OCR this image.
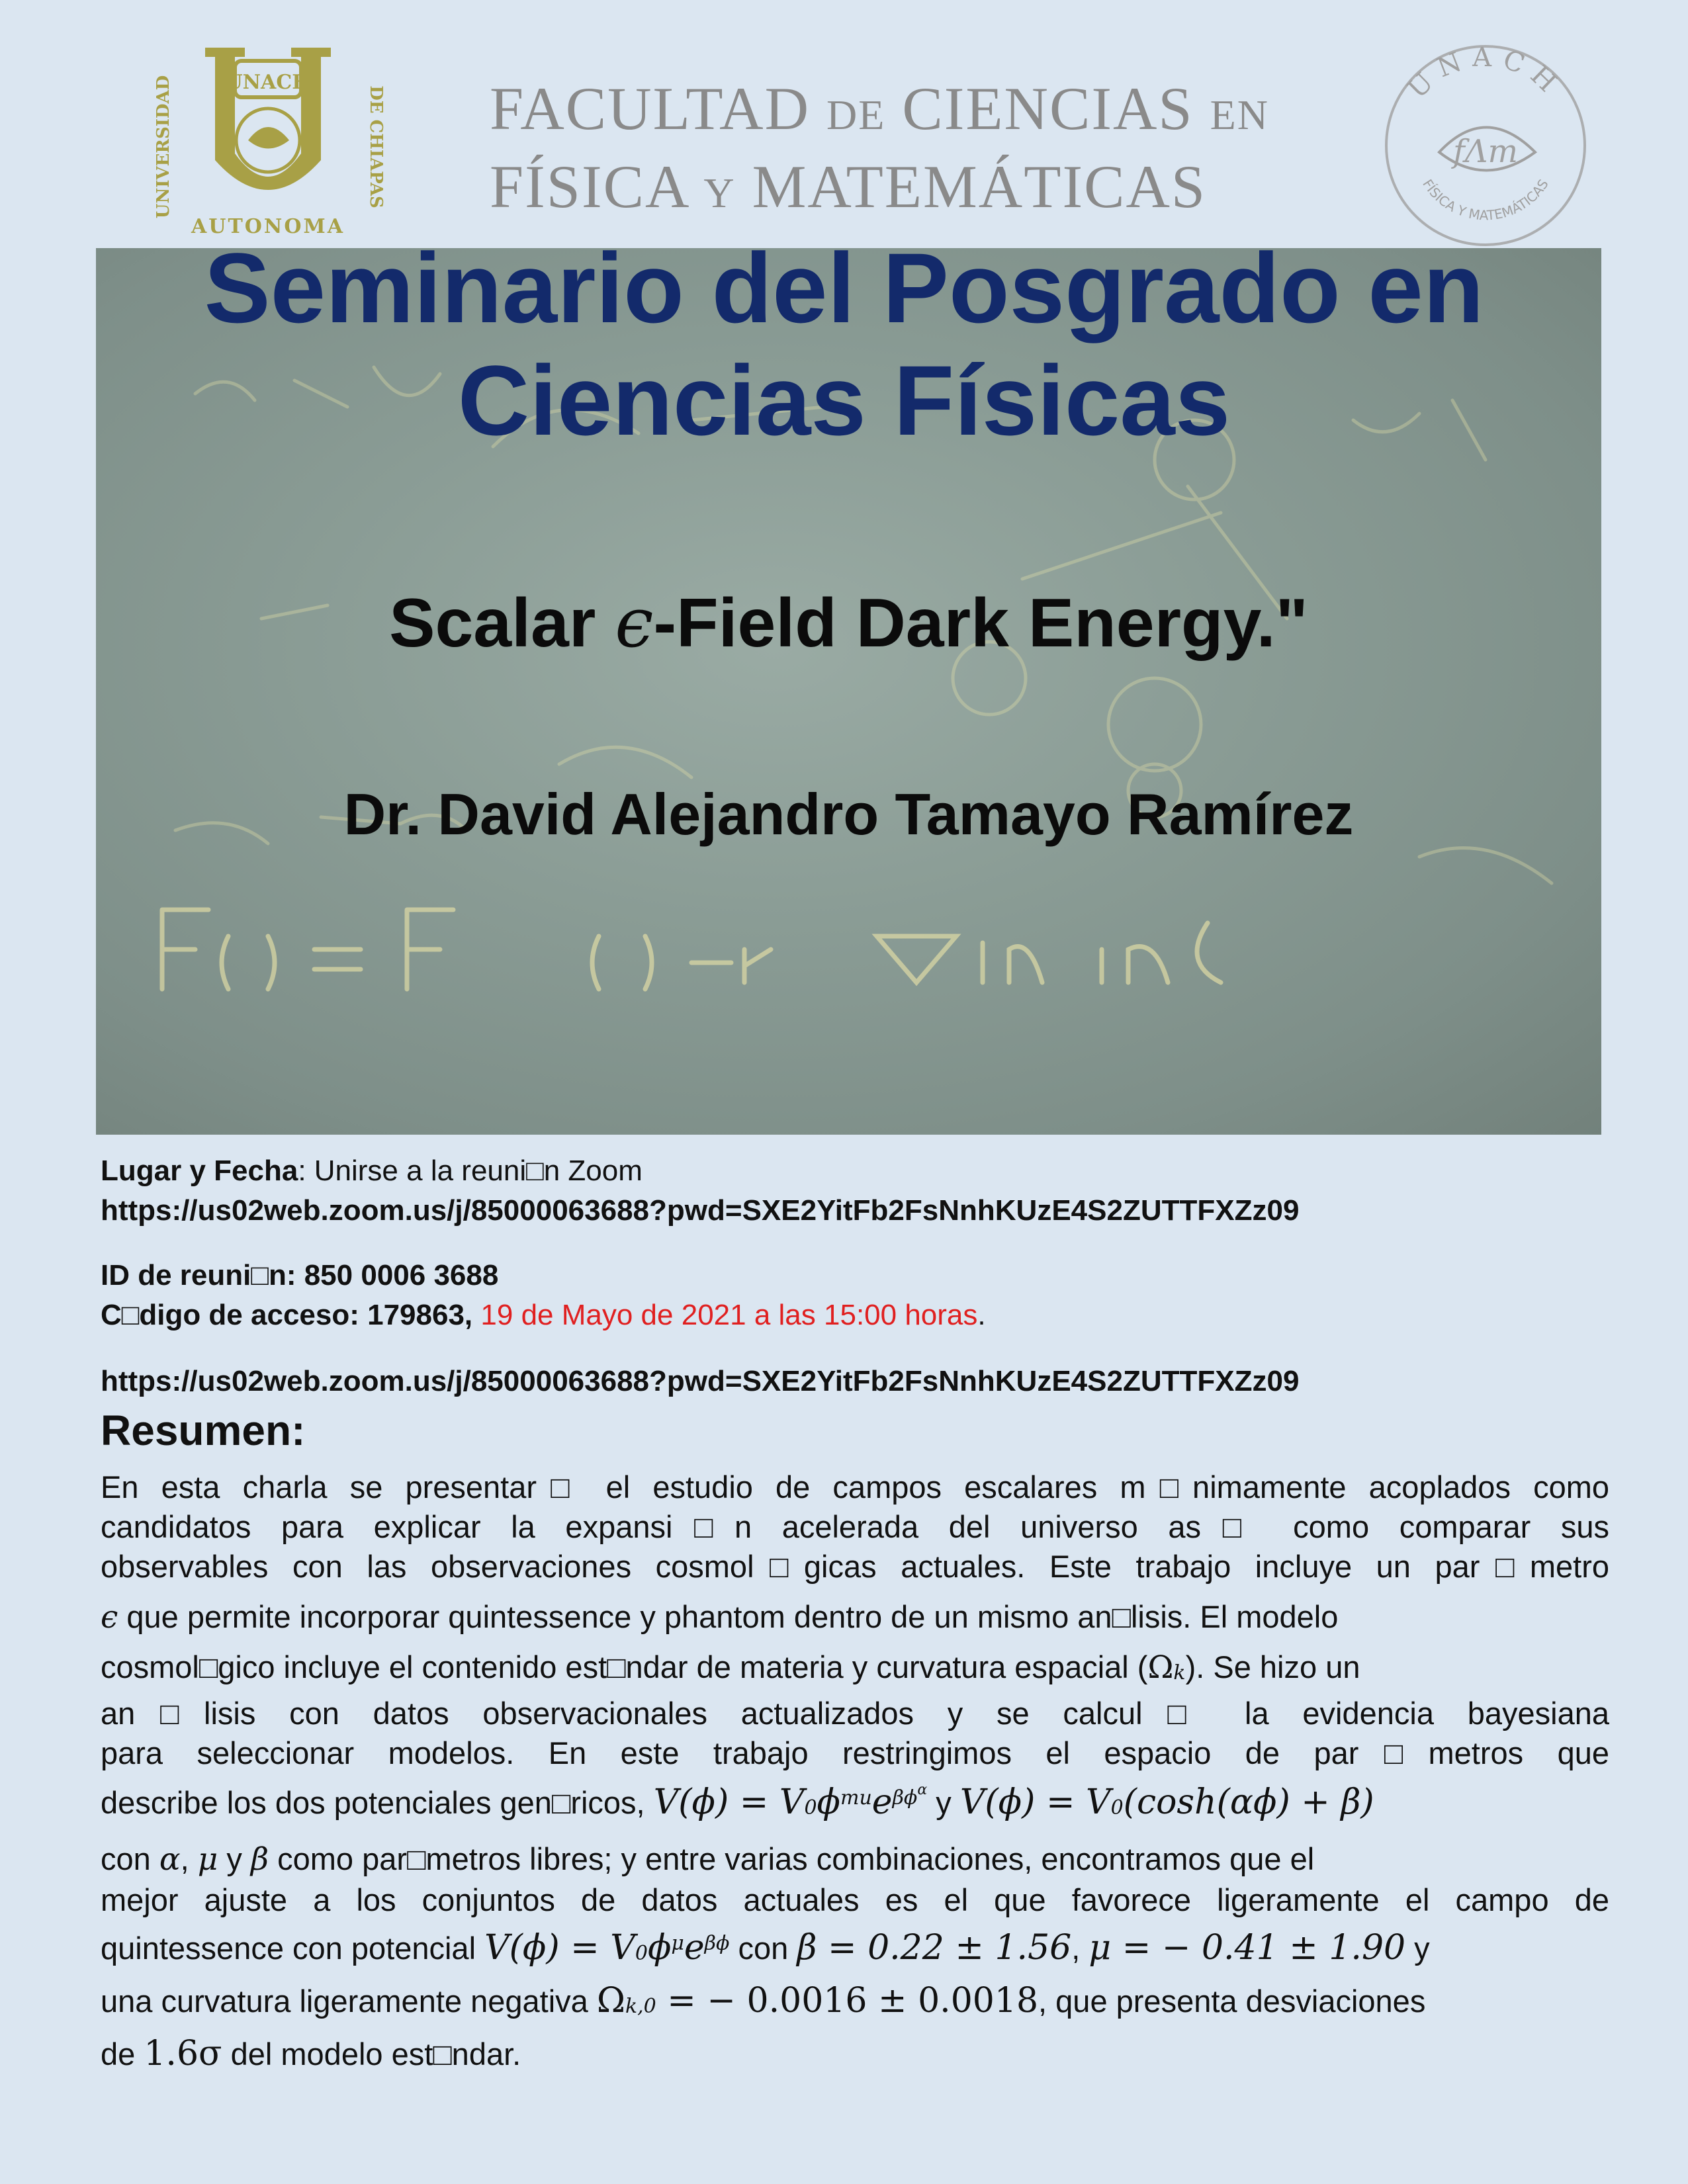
UNACH
UNIVERSIDAD	DE CHIAPAS
AUTONOMA
FACULTAD DE CIENCIAS EN
FÍSICA Y MATEMÁTICAS
UNACH
fΛm
FÍSICA Y MATEMÁTICAS
Seminario del Posgrado en
Ciencias Físicas
Scalar ϵ-Field Dark Energy."
Dr. David Alejandro Tamayo Ramírez
Lugar y Fecha: Unirse a la reuni□n Zoom
https://us02web.zoom.us/j/85000063688?pwd=SXE2YitFb2FsNnhKUzE4S2ZUTTFXZz09
ID de reuni□n: 850 0006 3688
C□digo de acceso: 179863, 19 de Mayo de 2021 a las 15:00 horas.
https://us02web.zoom.us/j/85000063688?pwd=SXE2YitFb2FsNnhKUzE4S2ZUTTFXZz09
Resumen:
En esta charla se presentar□ el estudio de campos escalares m□nimamente acoplados como
candidatos para explicar la expansi□n acelerada del universo as□ como comparar sus
observables con las observaciones cosmol□gicas actuales. Este trabajo incluye un par□metro
ϵ que permite incorporar quintessence y phantom dentro de un mismo an□lisis. El modelo
cosmol□gico incluye el contenido est□ndar de materia y curvatura espacial (Ωk). Se hizo un
an□lisis con datos observacionales actualizados y se calcul□ la evidencia bayesiana
para seleccionar modelos. En este trabajo restringimos el espacio de par□metros que
describe los dos potenciales gen□ricos, $V(\phi) = V0\phi^{mu}e^{\beta\phi\alpha}$ y V(ϕ) = V0(cosh(αϕ) + β)
con α, μ y β como par□metros libres; y entre varias combinaciones, encontramos que el
mejor ajuste a los conjuntos de datos actuales es el que favorece ligeramente el campo de
quintessence con potencial $V(\phi) = V0\phi^\mu e^{\beta\phi}$ con β = 0.22 ± 1.56, μ = − 0.41 ± 1.90 y
una curvatura ligeramente negativa Ωk,0 = − 0.0016 ± 0.0018, que presenta desviaciones
de 1.6σ del modelo est□ndar.
